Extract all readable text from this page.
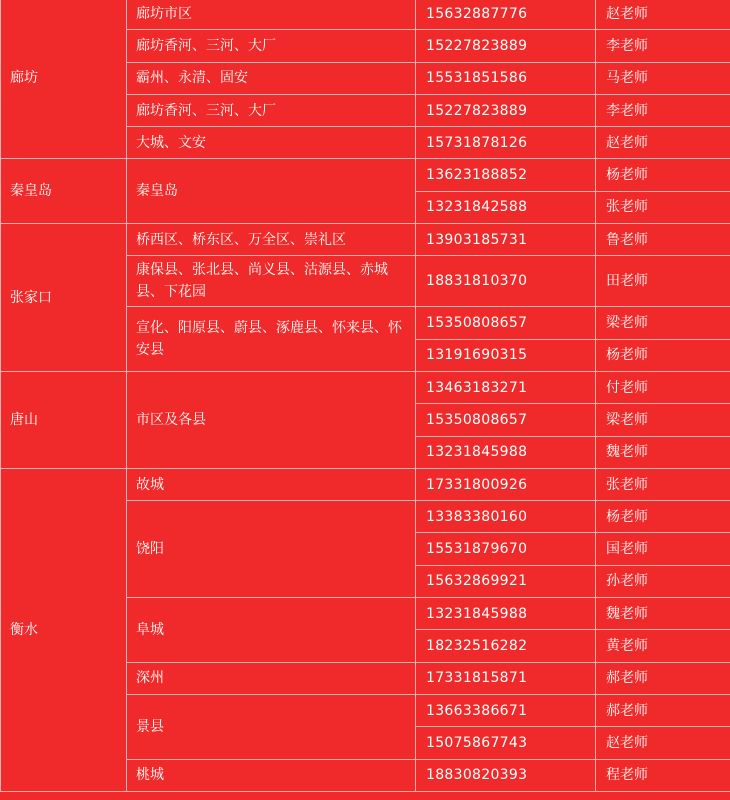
廊坊	廊坊市区	15632887776	赵老师
	廊坊香河、三河、大厂	15227823889	李老师
	霸州、永清、固安	15531851586	马老师
	廊坊香河、三河、大厂	15227823889	李老师
	大城、文安	15731878126	赵老师
秦皇岛	秦皇岛	13623188852	杨老师
		13231842588	张老师
张家口	桥西区、桥东区、万全区、崇礼区	13903185731	鲁老师
	康保县、张北县、尚义县、沽源县、赤城县、下花园	18831810370	田老师
	宣化、阳原县、蔚县、涿鹿县、怀来县、怀安县	15350808657	梁老师
		13191690315	杨老师
唐山	市区及各县	13463183271	付老师
		15350808657	梁老师
		13231845988	魏老师
衡水	故城	17331800926	张老师
	饶阳	13383380160	杨老师
		15531879670	国老师
		15632869921	孙老师
	阜城	13231845988	魏老师
		18232516282	黄老师
	深州	17331815871	郝老师
	景县	13663386671	郝老师
		15075867743	赵老师
	桃城	18830820393	程老师
